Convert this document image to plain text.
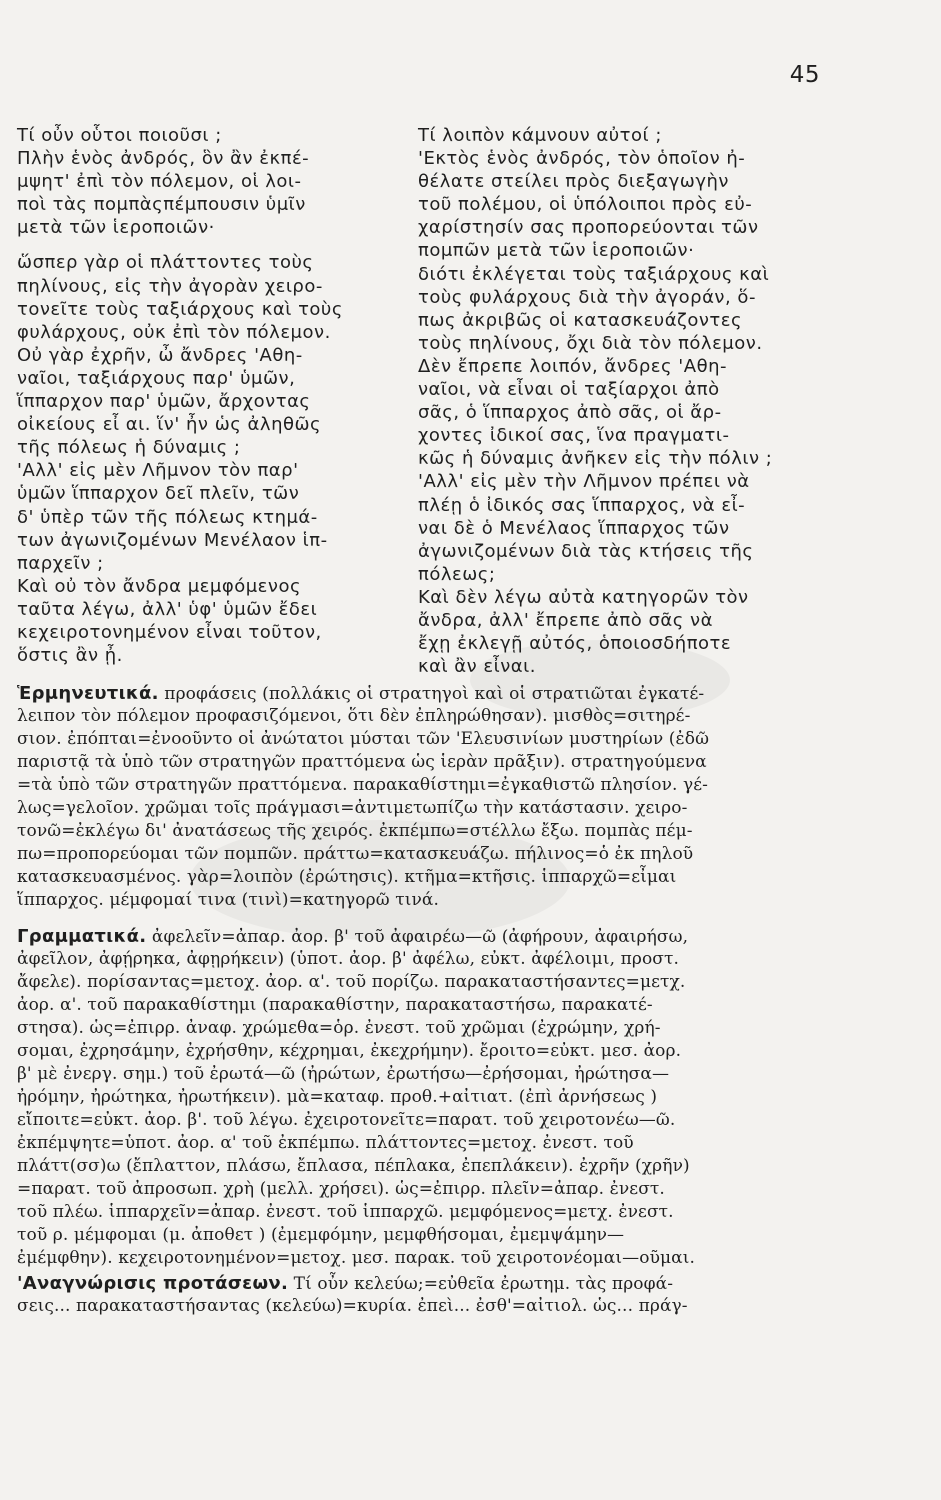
45
Τί οὖν οὗτοι ποιοῦσι ;
Πλὴν ἑνὸς ἀνδρός, ὃν ἂν ἐκπέ-
μψητ' ἐπὶ τὸν πόλεμον, οἱ λοι-
ποὶ τὰς πομπὰςπέμπουσιν ὑμῖν
μετὰ τῶν ἱεροποιῶν·
ὥσπερ γὰρ οἱ πλάττοντες τοὺς
πηλίνους, εἰς τὴν ἀγορὰν χειρο-
τονεῖτε τοὺς ταξιάρχους καὶ τοὺς
φυλάρχους, οὐκ ἐπὶ τὸν πόλεμον.
Οὐ γὰρ ἐχρῆν, ὦ ἄνδρες 'Αθη-
ναῖοι, ταξιάρχους παρ' ὑμῶν,
ἵππαρχον παρ' ὑμῶν, ἄρχοντας
οἰκείους εἶ αι. ἵν' ἦν ὡς ἀληθῶς
τῆς πόλεως ἡ δύναμις ;
'Αλλ' εἰς μὲν Λῆμνον τὸν παρ'
ὑμῶν ἵππαρχον δεῖ πλεῖν, τῶν
δ' ὑπὲρ τῶν τῆς πόλεως κτημά-
των ἀγωνιζομένων Μενέλαον ἱπ-
παρχεῖν ;
Καὶ οὐ τὸν ἄνδρα μεμφόμενος
ταῦτα λέγω, ἀλλ' ὑφ' ὑμῶν ἔδει
κεχειροτονημένον εἶναι τοῦτον,
ὅστις ἂν ᾖ.
Τί λοιπὸν κάμνουν αὐτοί ;
'Εκτὸς ἑνὸς ἀνδρός, τὸν ὁποῖον ἠ-
θέλατε στείλει πρὸς διεξαγωγὴν
τοῦ πολέμου, οἱ ὑπόλοιποι πρὸς εὐ-
χαρίστησίν σας προπορεύονται τῶν
πομπῶν μετὰ τῶν ἱεροποιῶν·
διότι ἐκλέγεται τοὺς ταξιάρχους καὶ
τοὺς φυλάρχους διὰ τὴν ἀγοράν, ὅ-
πως ἀκριβῶς οἱ κατασκευάζοντες
τοὺς πηλίνους, ὄχι διὰ τὸν πόλεμον.
Δὲν ἔπρεπε λοιπόν, ἄνδρες 'Αθη-
ναῖοι, νὰ εἶναι οἱ ταξίαρχοι ἀπὸ
σᾶς, ὁ ἵππαρχος ἀπὸ σᾶς, οἱ ἄρ-
χοντες ἰδικοί σας, ἵνα πραγματι-
κῶς ἡ δύναμις ἀνῆκεν εἰς τὴν πόλιν ;
'Αλλ' εἰς μὲν τὴν Λῆμνον πρέπει νὰ
πλέῃ ὁ ἰδικός σας ἵππαρχος, νὰ εἶ-
ναι δὲ ὁ Μενέλαος ἵππαρχος τῶν
ἀγωνιζομένων διὰ τὰς κτήσεις τῆς
πόλεως;
Καὶ δὲν λέγω αὐτὰ κατηγορῶν τὸν
ἄνδρα, ἀλλ' ἔπρεπε ἀπὸ σᾶς νὰ
ἔχῃ ἐκλεγῇ αὐτός, ὁποιοσδήποτε
καὶ ἂν εἶναι.
Ἑρμηνευτικά. προφάσεις (πολλάκις οἱ στρατηγοὶ καὶ οἱ στρατιῶται ἐγκατέ-
λειπον τὸν πόλεμον προφασιζόμενοι, ὅτι δὲν ἐπληρώθησαν). μισθὸς=σιτηρέ-
σιον. ἐπόπται=ἐνοοῦντο οἱ ἀνώτατοι μύσται τῶν 'Ελευσινίων μυστηρίων (ἐδῶ
παριστᾷ τὰ ὑπὸ τῶν στρατηγῶν πραττόμενα ὡς ἱερὰν πρᾶξιν). στρατηγούμενα
=τὰ ὑπὸ τῶν στρατηγῶν πραττόμενα. παρακαθίστημι=ἐγκαθιστῶ πλησίον. γέ-
λως=γελοῖον. χρῶμαι τοῖς πράγμασι=ἀντιμετωπίζω τὴν κατάστασιν. χειρο-
τονῶ=ἐκλέγω δι' ἀνατάσεως τῆς χειρός. ἐκπέμπω=στέλλω ἔξω. πομπὰς πέμ-
πω=προπορεύομαι τῶν πομπῶν. πράττω=κατασκευάζω. πήλινος=ὁ ἐκ πηλοῦ
κατασκευασμένος. γὰρ=λοιπὸν (ἐρώτησις). κτῆμα=κτῆσις. ἱππαρχῶ=εἶμαι
ἵππαρχος. μέμφομαί τινα (τινὶ)=κατηγορῶ τινά.
Γραμματικά. ἀφελεῖν=ἀπαρ. ἀορ. β' τοῦ ἀφαιρέω—ῶ (ἀφήρουν, ἀφαιρήσω,
ἀφεῖλον, ἀφῄρηκα, ἀφῃρήκειν) (ὑποτ. ἀορ. β' ἀφέλω, εὐκτ. ἀφέλοιμι, προστ.
ἄφελε). πορίσαντας=μετοχ. ἀορ. α'. τοῦ πορίζω. παρακαταστήσαντες=μετχ.
ἀορ. α'. τοῦ παρακαθίστημι (παρακαθίστην, παρακαταστήσω, παρακατέ-
στησα). ὡς=ἐπιρρ. ἀναφ. χρώμεθα=ὁρ. ἐνεστ. τοῦ χρῶμαι (ἐχρώμην, χρή-
σομαι, ἐχρησάμην, ἐχρήσθην, κέχρημαι, ἐκεχρήμην). ἔροιτο=εὐκτ. μεσ. ἀορ.
β' μὲ ἐνεργ. σημ.) τοῦ ἐρωτά—ῶ (ἠρώτων, ἐρωτήσω—ἐρήσομαι, ἠρώτησα—
ἠρόμην, ἠρώτηκα, ἠρωτήκειν). μὰ=καταφ. προθ.+αἰτιατ. (ἐπὶ ἀρνήσεως )
εἴποιτε=εὐκτ. ἀορ. β'. τοῦ λέγω. ἐχειροτονεῖτε=παρατ. τοῦ χειροτονέω—ῶ.
ἐκπέμψητε=ὑποτ. ἀορ. α' τοῦ ἐκπέμπω. πλάττοντες=μετοχ. ἐνεστ. τοῦ
πλάττ(σσ)ω (ἔπλαττον, πλάσω, ἔπλασα, πέπλακα, ἐπεπλάκειν). ἐχρῆν (χρῆν)
=παρατ. τοῦ ἀπροσωπ. χρὴ (μελλ. χρήσει). ὡς=ἐπιρρ. πλεῖν=ἀπαρ. ἐνεστ.
τοῦ πλέω. ἱππαρχεῖν=ἀπαρ. ἐνεστ. τοῦ ἱππαρχῶ. μεμφόμενος=μετχ. ἐνεστ.
τοῦ ρ. μέμφομαι (μ. ἀποθετ ) (ἐμεμφόμην, μεμφθήσομαι, ἐμεμψάμην—
ἐμέμφθην). κεχειροτονημένον=μετοχ. μεσ. παρακ. τοῦ χειροτονέομαι—οῦμαι.
'Αναγνώρισις προτάσεων. Τί οὖν κελεύω;=εὐθεῖα ἐρωτημ. τὰς προφά-
σεις... παρακαταστήσαντας (κελεύω)=κυρία. ἐπεὶ... ἐσθ'=αἰτιολ. ὡς... πράγ-
